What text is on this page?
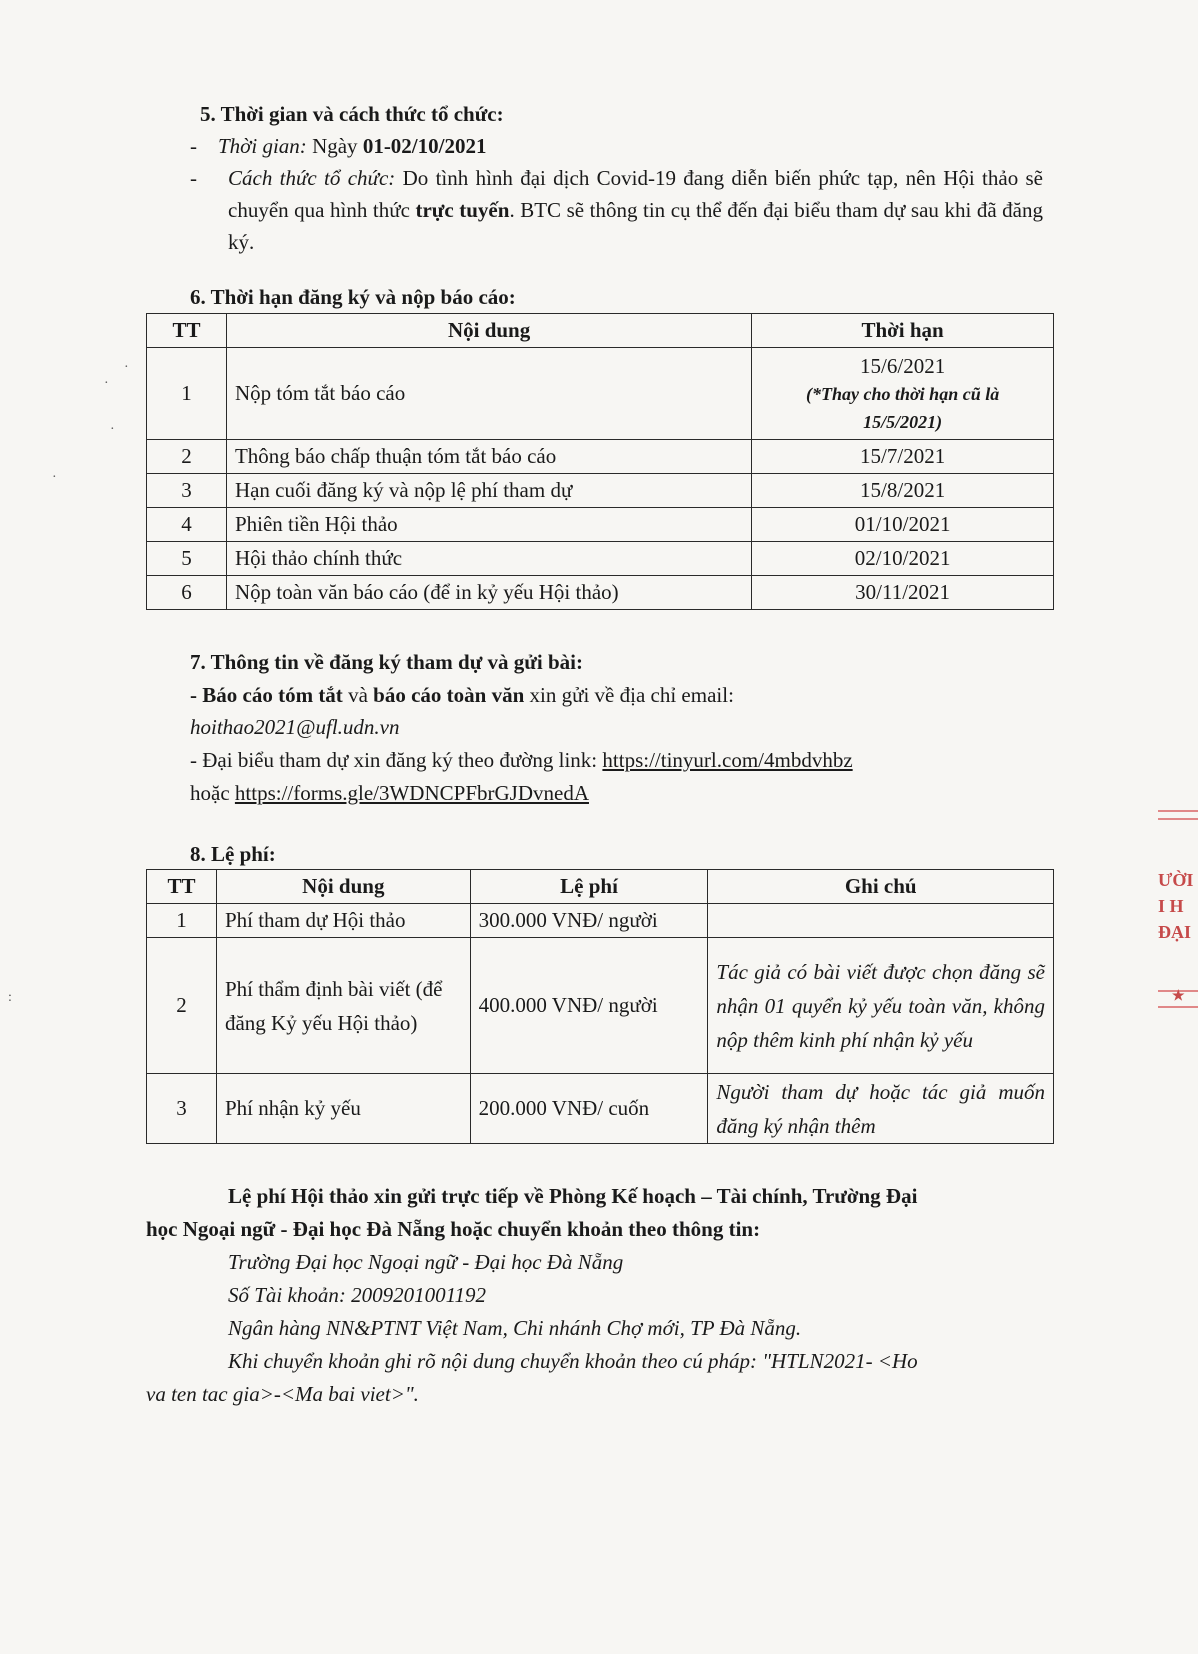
5. Thời gian và cách thức tổ chức:
-    Thời gian: Ngày 01-02/10/2021
- Cách thức tổ chức: Do tình hình đại dịch Covid-19 đang diễn biến phức tạp, nên Hội thảo sẽ chuyển qua hình thức trực tuyến. BTC sẽ thông tin cụ thể đến đại biểu tham dự sau khi đã đăng ký.
6. Thời hạn đăng ký và nộp báo cáo:
TT	Nội dung	Thời hạn
1	Nộp tóm tắt báo cáo	15/6/2021
(*Thay cho thời hạn cũ là 15/5/2021)

2	Thông báo chấp thuận tóm tắt báo cáo	15/7/2021
3	Hạn cuối đăng ký và nộp lệ phí tham dự	15/8/2021
4	Phiên tiền Hội thảo	01/10/2021
5	Hội thảo chính thức	02/10/2021
6	Nộp toàn văn báo cáo (để in kỷ yếu Hội thảo)	30/11/2021
7. Thông tin về đăng ký tham dự và gửi bài:
- Báo cáo tóm tắt và báo cáo toàn văn xin gửi về địa chỉ email:
hoithao2021@ufl.udn.vn
- Đại biểu tham dự xin đăng ký theo đường link: https://tinyurl.com/4mbdvhbz
hoặc https://forms.gle/3WDNCPFbrGJDvnedA
8. Lệ phí:
TT	Nội dung	Lệ phí	Ghi chú
1	Phí tham dự Hội thảo	300.000 VNĐ/ người	
2	Phí thẩm định bài viết (để đăng Kỷ yếu Hội thảo)	400.000 VNĐ/ người	Tác giả có bài viết được chọn đăng sẽ nhận 01 quyển kỷ yếu toàn văn, không nộp thêm kinh phí nhận kỷ yếu
3	Phí nhận kỷ yếu	200.000 VNĐ/ cuốn	Người tham dự hoặc tác giả muốn đăng ký nhận thêm
Lệ phí Hội thảo xin gửi trực tiếp về Phòng Kế hoạch – Tài chính, Trường Đại
học Ngoại ngữ - Đại học Đà Nẵng hoặc chuyển khoản theo thông tin:
Trường Đại học Ngoại ngữ - Đại học Đà Nẵng
Số Tài khoản: 2009201001192
Ngân hàng NN&PTNT Việt Nam, Chi nhánh Chợ mới, TP Đà Nẵng.
Khi chuyển khoản ghi rõ nội dung chuyển khoản theo cú pháp: "HTLN2021- <Ho
va ten tac gia>-<Ma bai viet>".
ƯỜI
I H
ĐẠI
★
·
·
·
·
:
